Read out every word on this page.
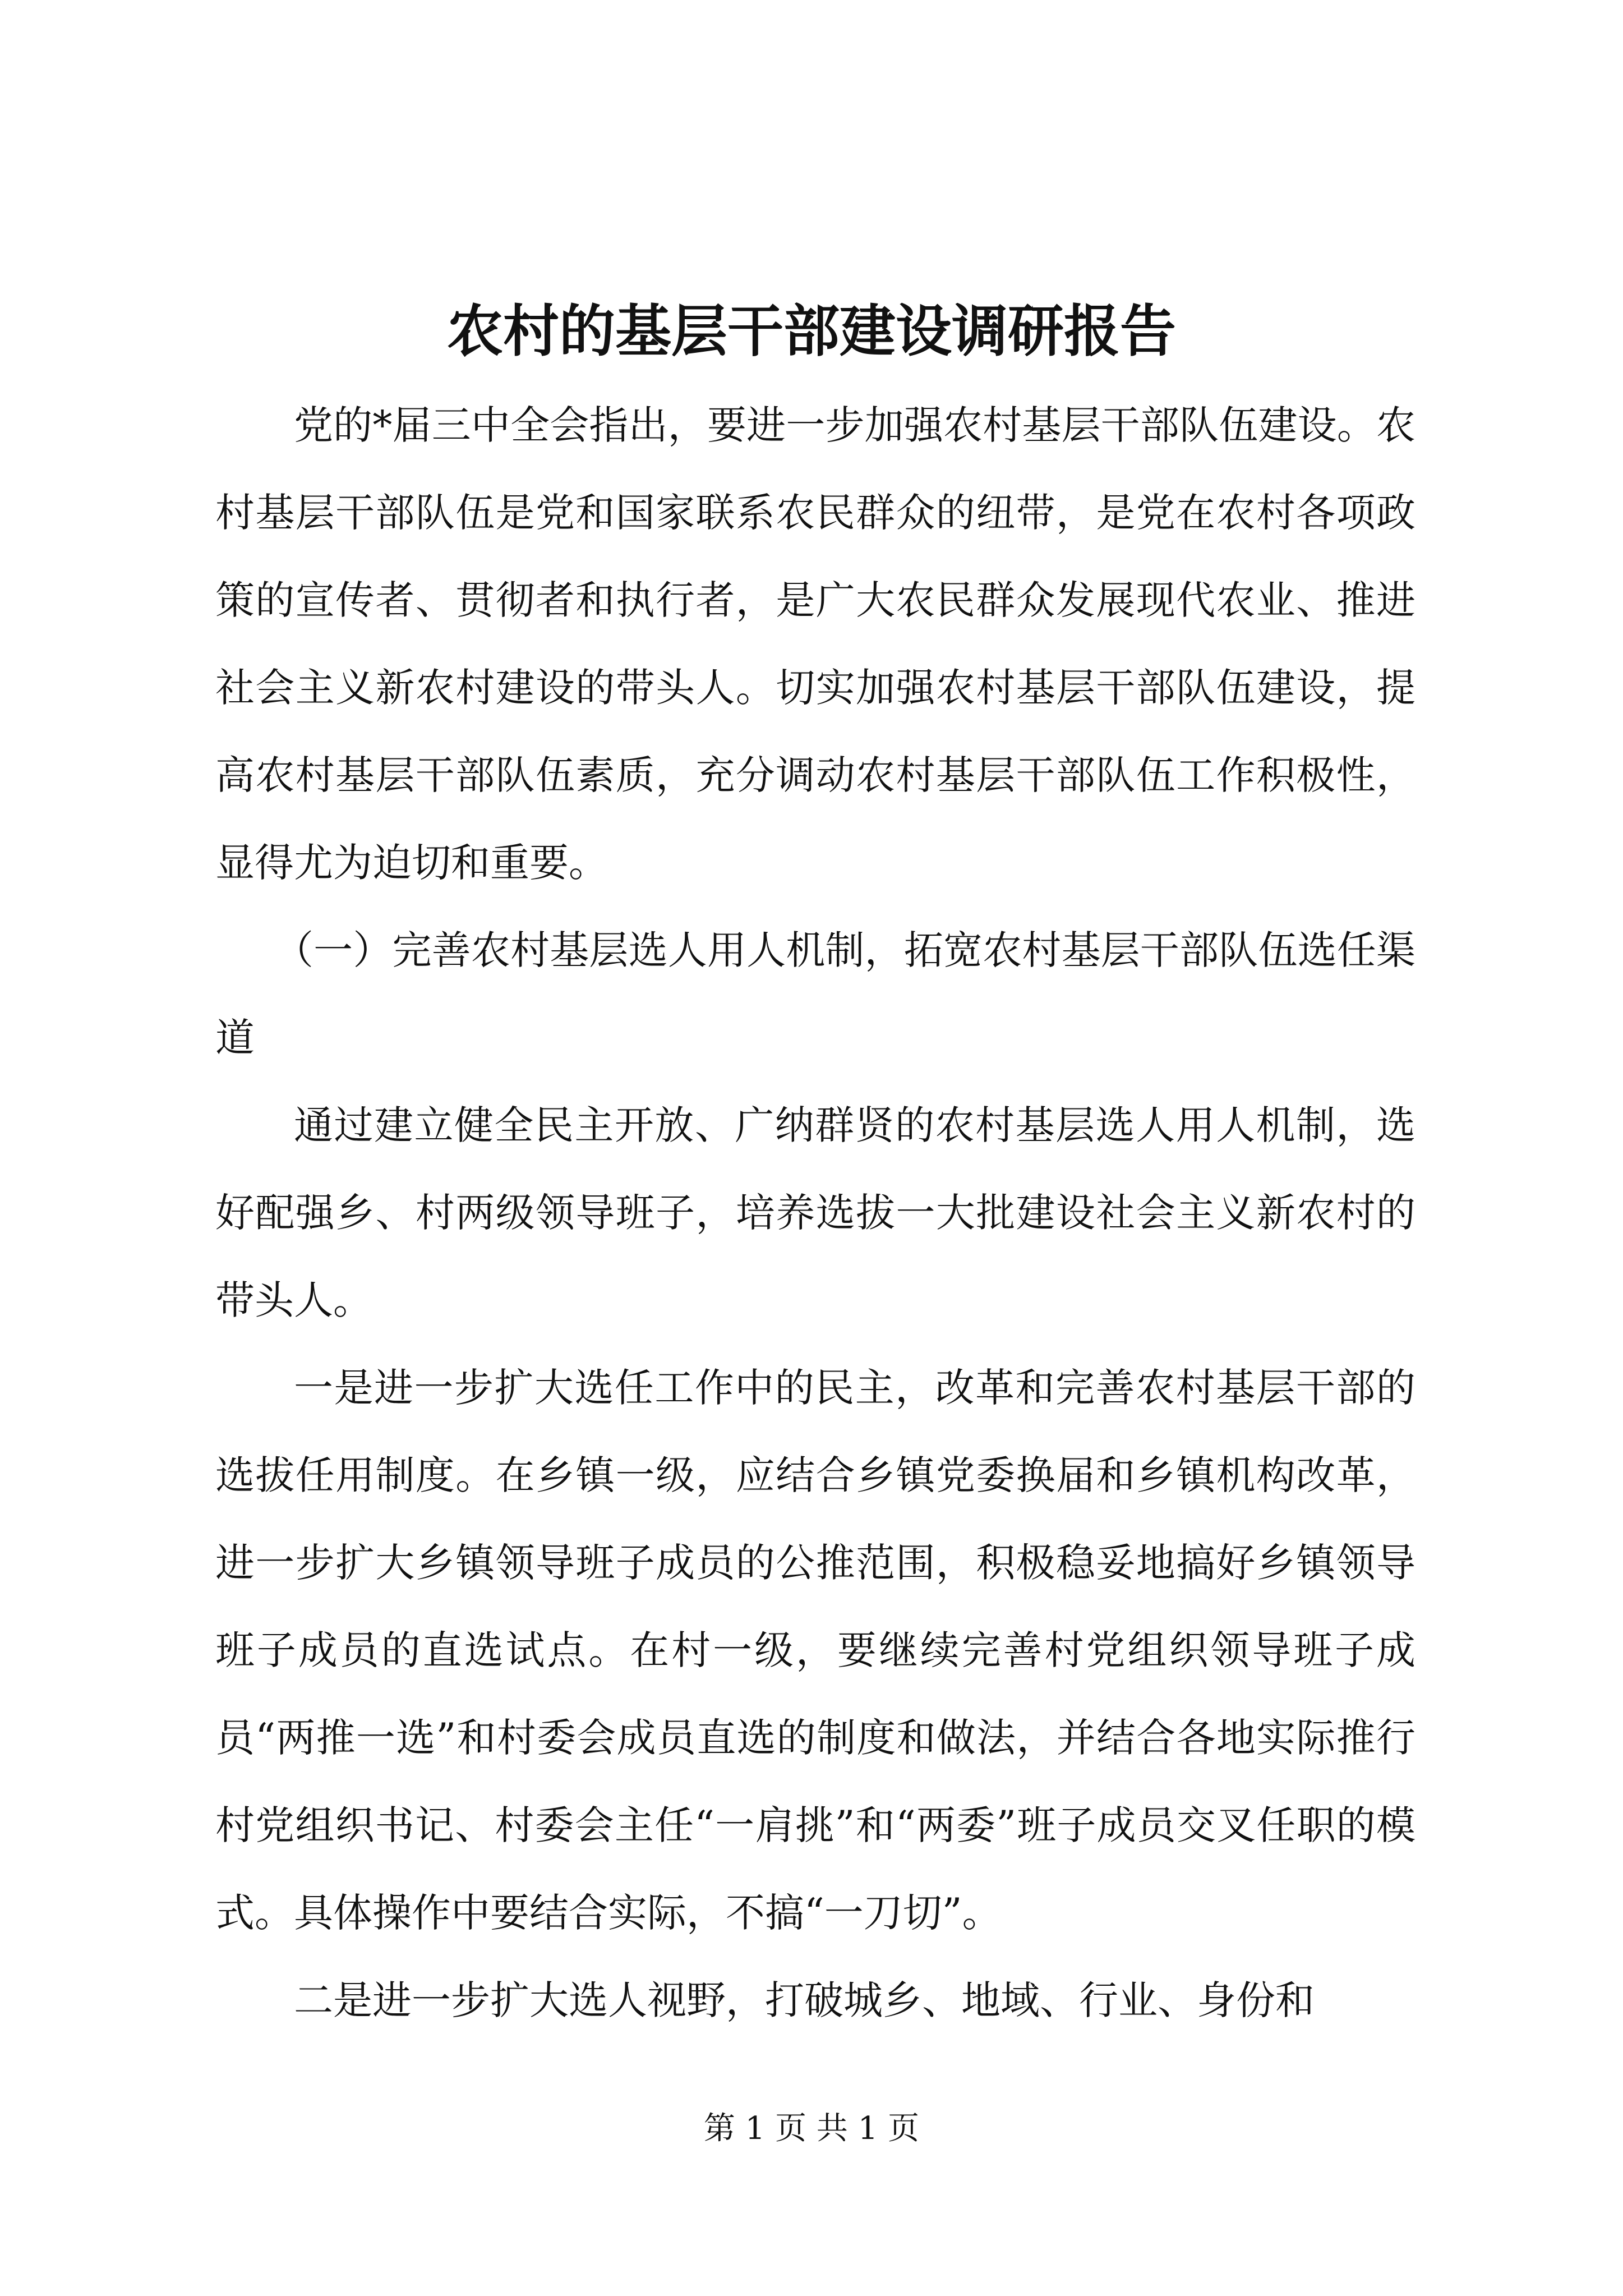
农村的基层干部建设调研报告

党的*届三中全会指出，要进一步加强农村基层干部队伍建设。农村基层干部队伍是党和国家联系农民群众的纽带，是党在农村各项政策的宣传者、贯彻者和执行者，是广大农民群众发展现代农业、推进社会主义新农村建设的带头人。切实加强农村基层干部队伍建设，提高农村基层干部队伍素质，充分调动农村基层干部队伍工作积极性，显得尤为迫切和重要。

（一）完善农村基层选人用人机制，拓宽农村基层干部队伍选任渠道

通过建立健全民主开放、广纳群贤的农村基层选人用人机制，选好配强乡、村两级领导班子，培养选拔一大批建设社会主义新农村的带头人。

一是进一步扩大选任工作中的民主，改革和完善农村基层干部的选拔任用制度。在乡镇一级，应结合乡镇党委换届和乡镇机构改革，进一步扩大乡镇领导班子成员的公推范围，积极稳妥地搞好乡镇领导班子成员的直选试点。在村一级，要继续完善村党组织领导班子成员“两推一选”和村委会成员直选的制度和做法，并结合各地实际推行村党组织书记、村委会主任“一肩挑”和“两委”班子成员交叉任职的模式。具体操作中要结合实际，不搞“一刀切”。

二是进一步扩大选人视野，打破城乡、地域、行业、身份和

第 1 页 共 1 页
